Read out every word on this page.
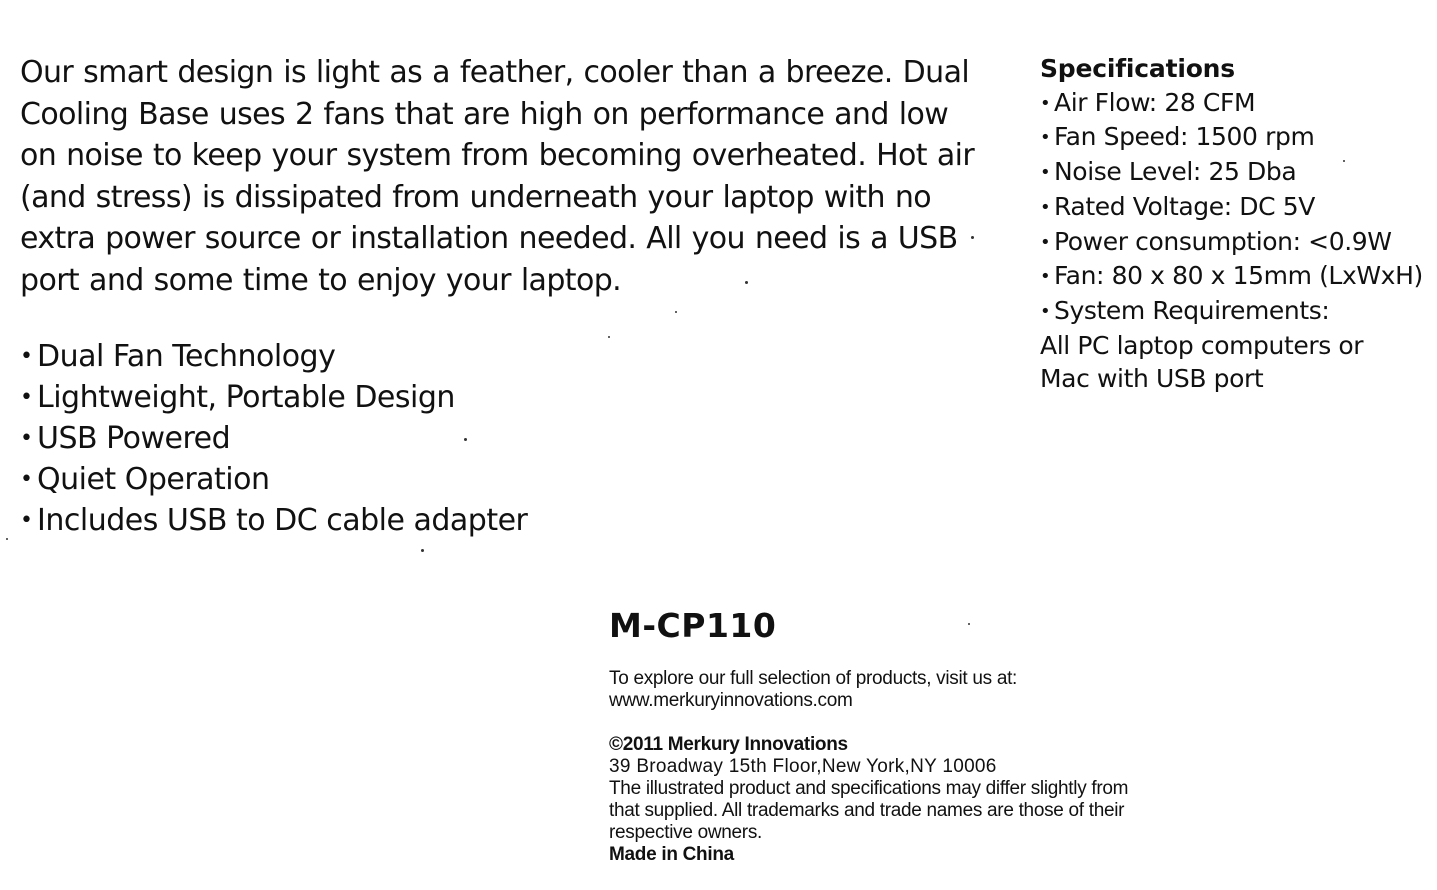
Our smart design is light as a feather, cooler than a breeze. Dual Cooling Base uses 2 fans that are high on performance and low on noise to keep your system from becoming overheated. Hot air (and stress) is dissipated from underneath your laptop with no extra power source or installation needed. All you need is a USB port and some time to enjoy your laptop.

• Dual Fan Technology
• Lightweight, Portable Design
• USB Powered
• Quiet Operation
• Includes USB to DC cable adapter
Specifications
• Air Flow: 28 CFM
• Fan Speed: 1500 rpm
• Noise Level: 25 Dba
• Rated Voltage: DC 5V
• Power consumption: <0.9W
• Fan: 80 x 80 x 15mm (LxWxH)
• System Requirements:

All PC laptop computers or

Mac with USB port

M-CP110

To explore our full selection of products, visit us at:

www.merkuryinnovations.com

©2011 Merkury Innovations

39 Broadway 15th Floor,New York,NY 10006

The illustrated product and specifications may differ slightly from

that supplied. All trademarks and trade names are those of their

respective owners.

Made in China
